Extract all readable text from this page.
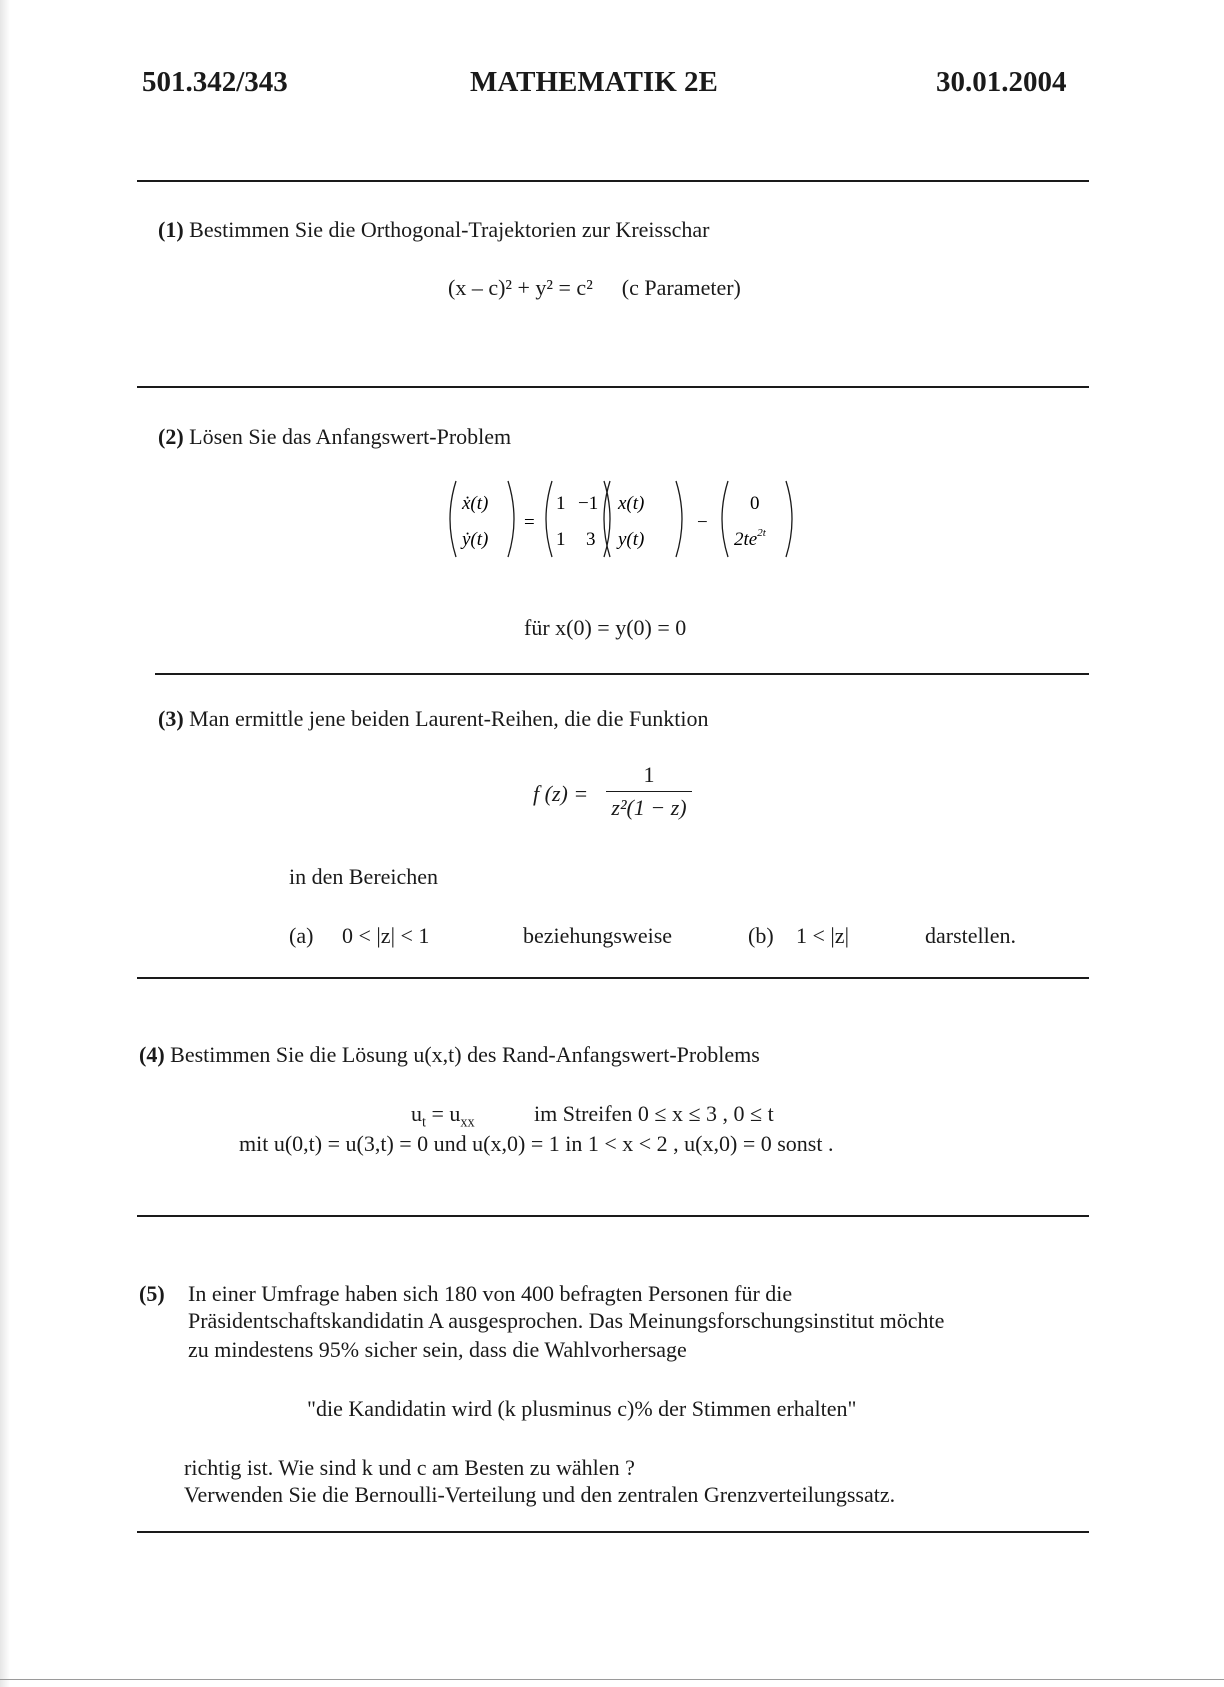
501.342/343	MATHEMATIK 2E	30.01.2004
(1) Bestimmen Sie die Orthogonal-Trajektorien zur Kreisschar
(x – c)² + y² = c² (c Parameter)
(2) Lösen Sie das Anfangswert-Problem
ẋ(t)
ẏ(t)
=
1 −1
1 3
x(t)
y(t)
−
0
$2te^{2t}$
für x(0) = y(0) = 0
(3) Man ermittle jene beiden Laurent-Reihen, die die Funktion
f (z) =
1
z²(1 − z)
in den Bereichen
(a) 0 < |z| < 1	beziehungsweise	(b) 1 < |z|	darstellen.
(4) Bestimmen Sie die Lösung u(x,t) des Rand-Anfangswert-Problems
$u_t = u_{xx}$	im Streifen 0 ≤ x ≤ 3 , 0 ≤ t
mit u(0,t) = u(3,t) = 0 und u(x,0) = 1 in 1 < x < 2 , u(x,0) = 0 sonst .
(5) In einer Umfrage haben sich 180 von 400 befragten Personen für die
Präsidentschaftskandidatin A ausgesprochen. Das Meinungsforschungsinstitut möchte
zu mindestens 95% sicher sein, dass die Wahlvorhersage
"die Kandidatin wird (k plusminus c)% der Stimmen erhalten"
richtig ist. Wie sind k und c am Besten zu wählen ?
Verwenden Sie die Bernoulli-Verteilung und den zentralen Grenzverteilungssatz.
